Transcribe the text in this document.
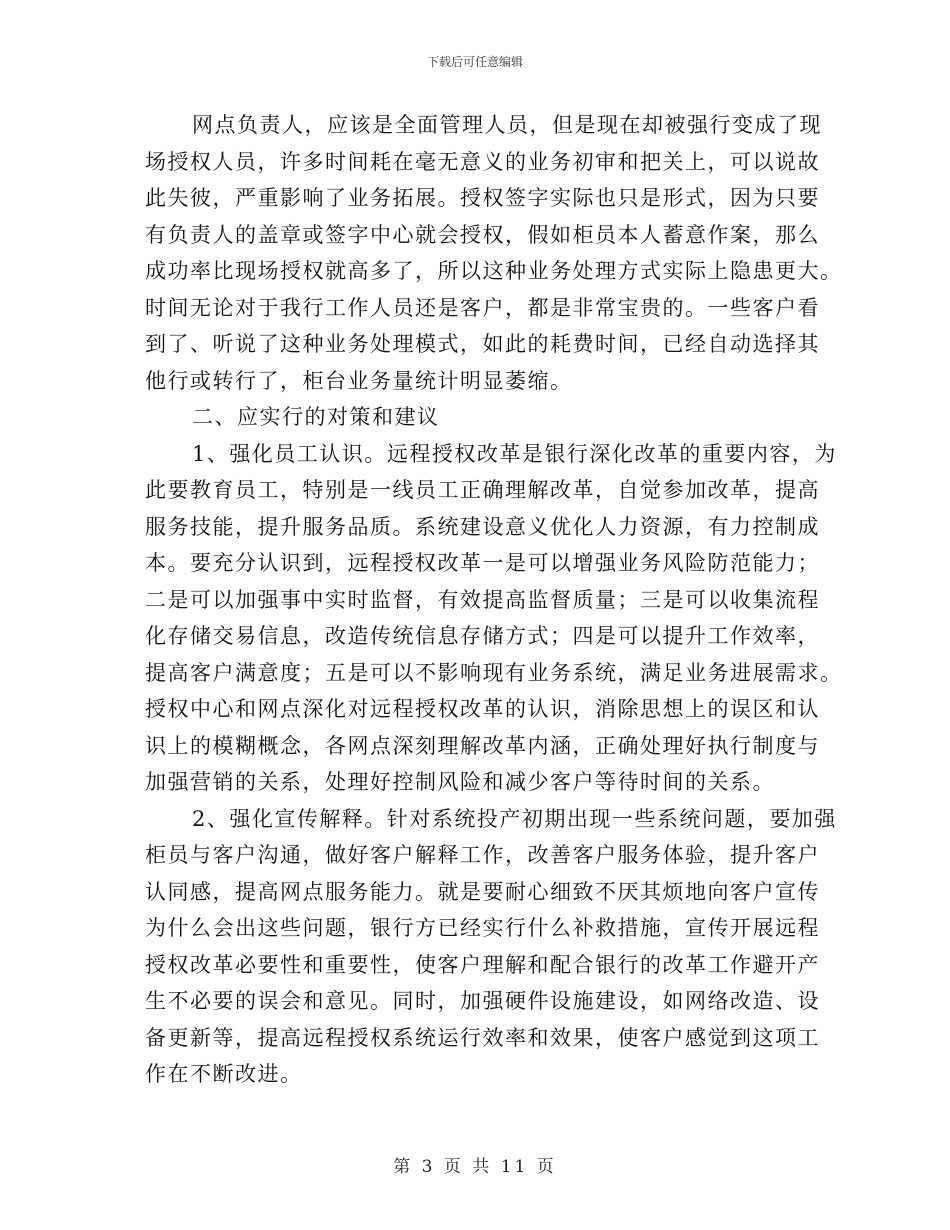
下载后可任意编辑
网点负责人，应该是全面管理人员，但是现在却被强行变成了现
场授权人员，许多时间耗在毫无意义的业务初审和把关上，可以说故
此失彼，严重影响了业务拓展。授权签字实际也只是形式，因为只要
有负责人的盖章或签字中心就会授权，假如柜员本人蓄意作案，那么
成功率比现场授权就高多了，所以这种业务处理方式实际上隐患更大。
时间无论对于我行工作人员还是客户，都是非常宝贵的。一些客户看
到了、听说了这种业务处理模式，如此的耗费时间，已经自动选择其
他行或转行了，柜台业务量统计明显萎缩。
二、应实行的对策和建议
1、强化员工认识。远程授权改革是银行深化改革的重要内容，为
此要教育员工，特别是一线员工正确理解改革，自觉参加改革，提高
服务技能，提升服务品质。系统建设意义优化人力资源，有力控制成
本。要充分认识到，远程授权改革一是可以增强业务风险防范能力；
二是可以加强事中实时监督，有效提高监督质量；三是可以收集流程
化存储交易信息，改造传统信息存储方式；四是可以提升工作效率，
提高客户满意度；五是可以不影响现有业务系统，满足业务进展需求。
授权中心和网点深化对远程授权改革的认识，消除思想上的误区和认
识上的模糊概念，各网点深刻理解改革内涵，正确处理好执行制度与
加强营销的关系，处理好控制风险和减少客户等待时间的关系。
2、强化宣传解释。针对系统投产初期出现一些系统问题，要加强
柜员与客户沟通，做好客户解释工作，改善客户服务体验，提升客户
认同感，提高网点服务能力。就是要耐心细致不厌其烦地向客户宣传
为什么会出这些问题，银行方已经实行什么补救措施，宣传开展远程
授权改革必要性和重要性，使客户理解和配合银行的改革工作避开产
生不必要的误会和意见。同时，加强硬件设施建设，如网络改造、设
备更新等，提高远程授权系统运行效率和效果，使客户感觉到这项工
作在不断改进。
第 3 页 共 11 页
